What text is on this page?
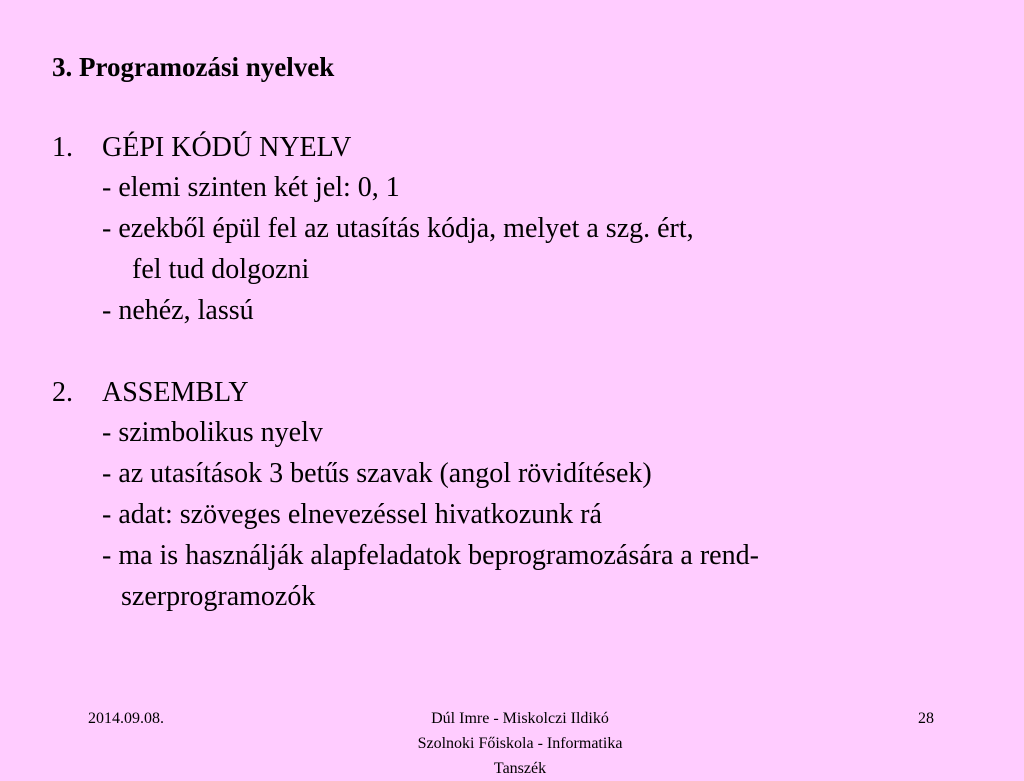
3. Programozási nyelvek
1. GÉPI KÓDÚ NYELV
- elemi szinten két jel: 0, 1
- ezekből épül fel az utasítás kódja, melyet a szg. ért,
fel tud dolgozni
- nehéz, lassú
2. ASSEMBLY
- szimbolikus nyelv
- az utasítások 3 betűs szavak (angol rövidítések)
- adat: szöveges elnevezéssel hivatkozunk rá
- ma is használják alapfeladatok beprogramozására a rend-
szerprogramozók
2014.09.08.	Dúl Imre - Miskolczi Ildikó
Szolnoki Főiskola - Informatika
Tanszék
28
